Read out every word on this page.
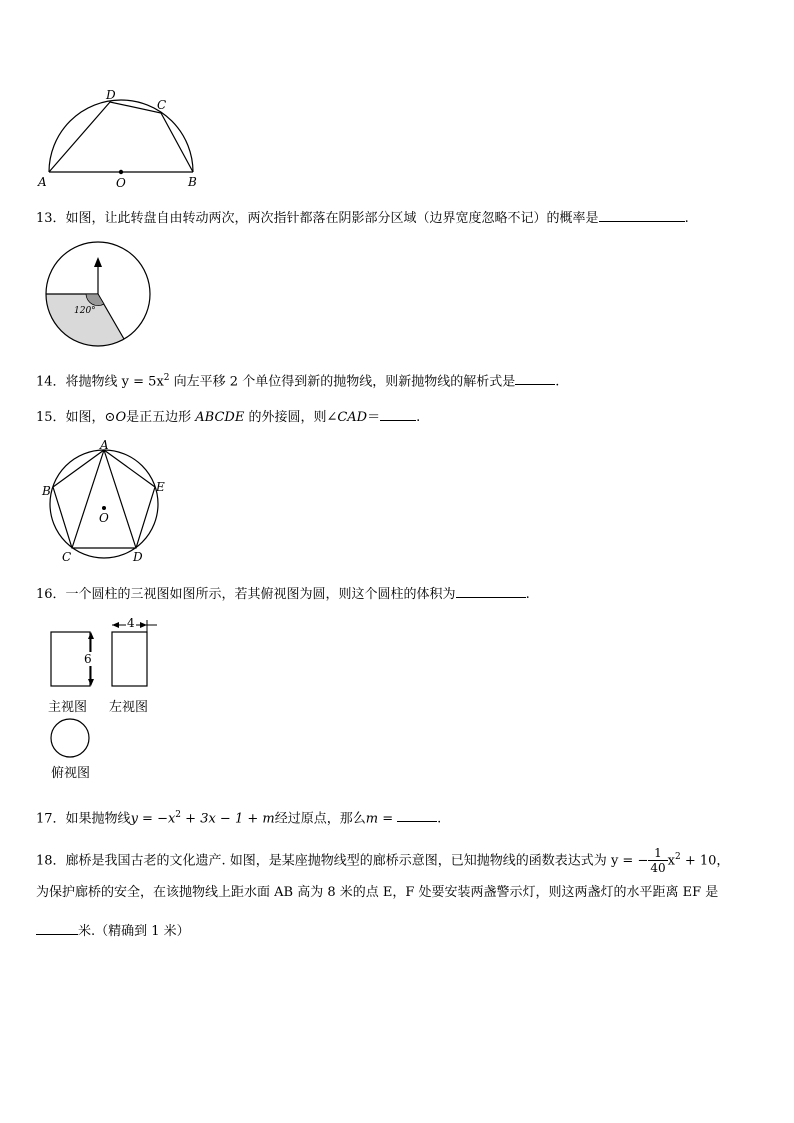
A	B
C
D
O
13．如图，让此转盘自由转动两次，两次指针都落在阴影部分区域（边界宽度忽略不记）的概率是	.
120°
14．将抛物线 $y = 5x^2$ 向左平移 2 个单位得到新的抛物线，则新抛物线的解析式是	.
15．如图，⊙O是正五边形 ABCDE 的外接圆，则∠CAD＝	.
A
B
C	D
E
O
16．一个圆柱的三视图如图所示，若其俯视图为圆，则这个圆柱的体积为	.
6
4
主视图 左视图
俯视图
17．如果抛物线$y = -x^2 + 3x - 1 + m$经过原点，那么m =	.
18．廊桥是我国古老的文化遗产. 如图，是某座抛物线型的廊桥示意图，已知抛物线的函数表达式为 y = − $\frac{1}{40} x^2 + 10$，
为保护廊桥的安全，在该抛物线上距水面 AB 高为 8 米的点 E，F 处要安装两盏警示灯，则这两盏灯的水平距离 EF 是
米.（精确到 1 米）
